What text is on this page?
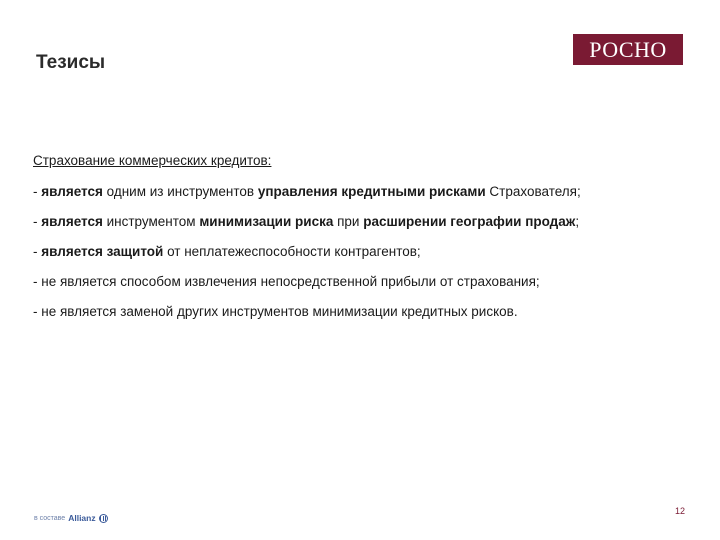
Тезисы
РОСНО
Страхование коммерческих кредитов:
- является одним из инструментов управления кредитными рисками Страхователя;
- является инструментом минимизации риска при расширении географии продаж;
- является защитой от неплатежеспособности контрагентов;
- не является способом извлечения непосредственной прибыли от страхования;
- не является заменой других инструментов минимизации кредитных рисков.
12
в составе Allianz
